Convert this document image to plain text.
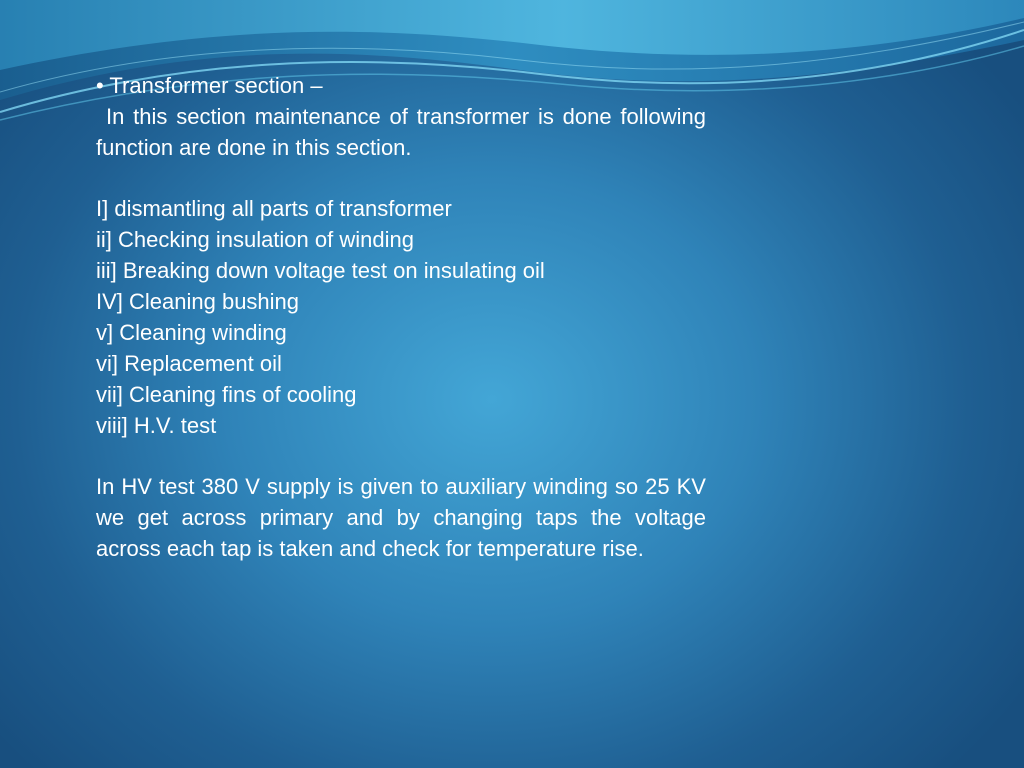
• Transformer section –

In this section maintenance of transformer is done following function are done in this section.

I] dismantling all parts of transformer
ii] Checking insulation of winding
iii] Breaking down voltage test on insulating oil
IV] Cleaning bushing
v] Cleaning winding
vi] Replacement oil
vii] Cleaning fins of cooling
viii] H.V. test

In HV test 380 V supply is given to auxiliary winding so 25 KV we get across primary and by changing taps the voltage across each tap is taken and check for temperature rise.
